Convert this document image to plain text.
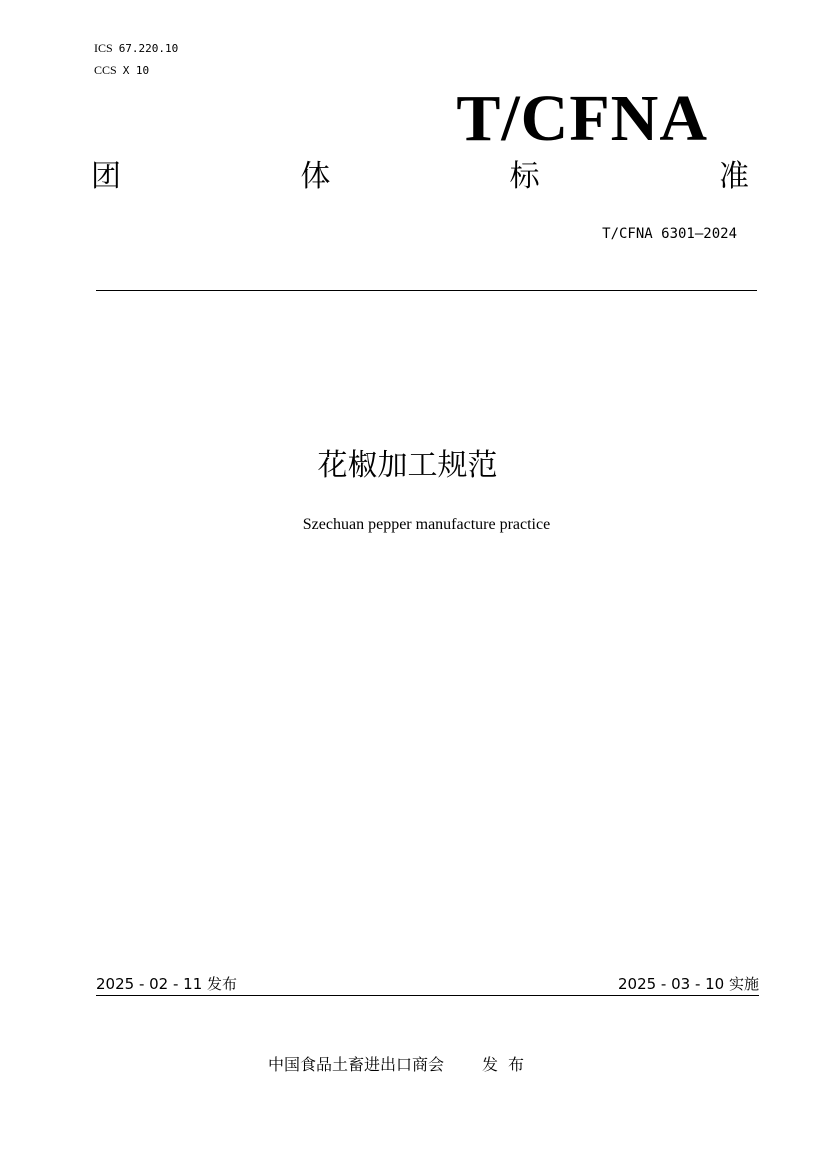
ICS 67.220.10
CCS X 10
T/CFNA
团	体	标	准
T/CFNA 6301—2024
花椒加工规范
Szechuan pepper manufacture practice
2025 - 02 - 11 发布	2025 - 03 - 10 实施
中国食品土畜进出口商会 发布
